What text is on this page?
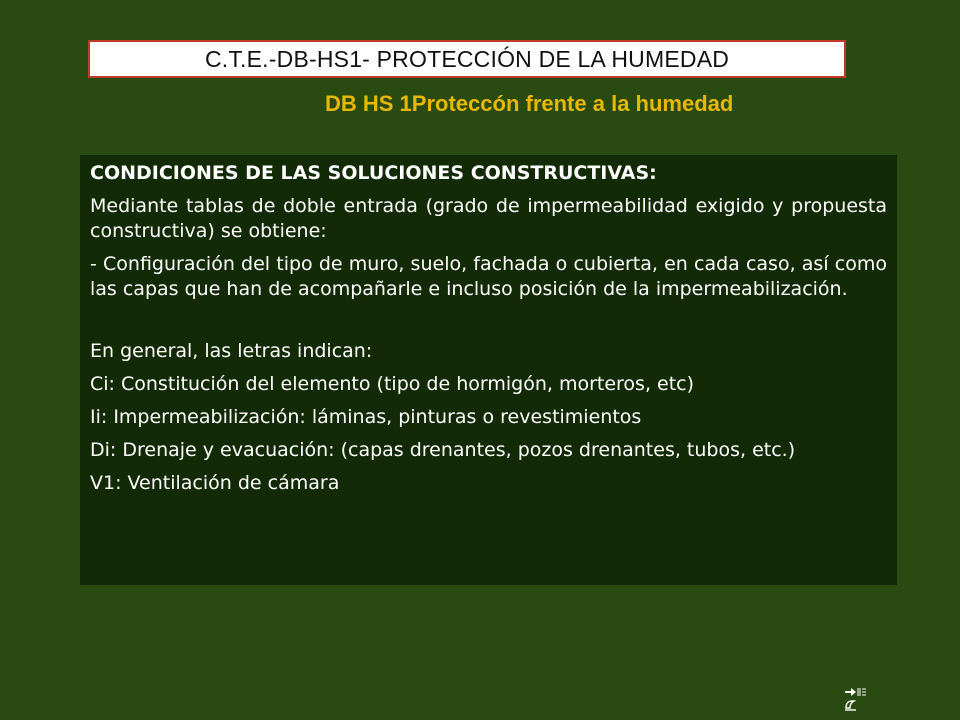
C.T.E.-DB-HS1- PROTECCIÓN DE LA HUMEDAD
DB HS 1Proteccón frente a la humedad

CONDICIONES DE LAS SOLUCIONES CONSTRUCTIVAS:

Mediante tablas de doble entrada (grado de impermeabilidad exigido y propuesta constructiva) se obtiene:

- Configuración del tipo de muro, suelo, fachada o cubierta, en cada caso, así como las capas que han de acompañarle e incluso posición de la impermeabilización.

En general, las letras indican:

Ci: Constitución del elemento (tipo de hormigón, morteros, etc)

Ii: Impermeabilización: láminas, pinturas o revestimientos

Di: Drenaje y evacuación: (capas drenantes, pozos drenantes, tubos, etc.)

V1: Ventilación de cámara
